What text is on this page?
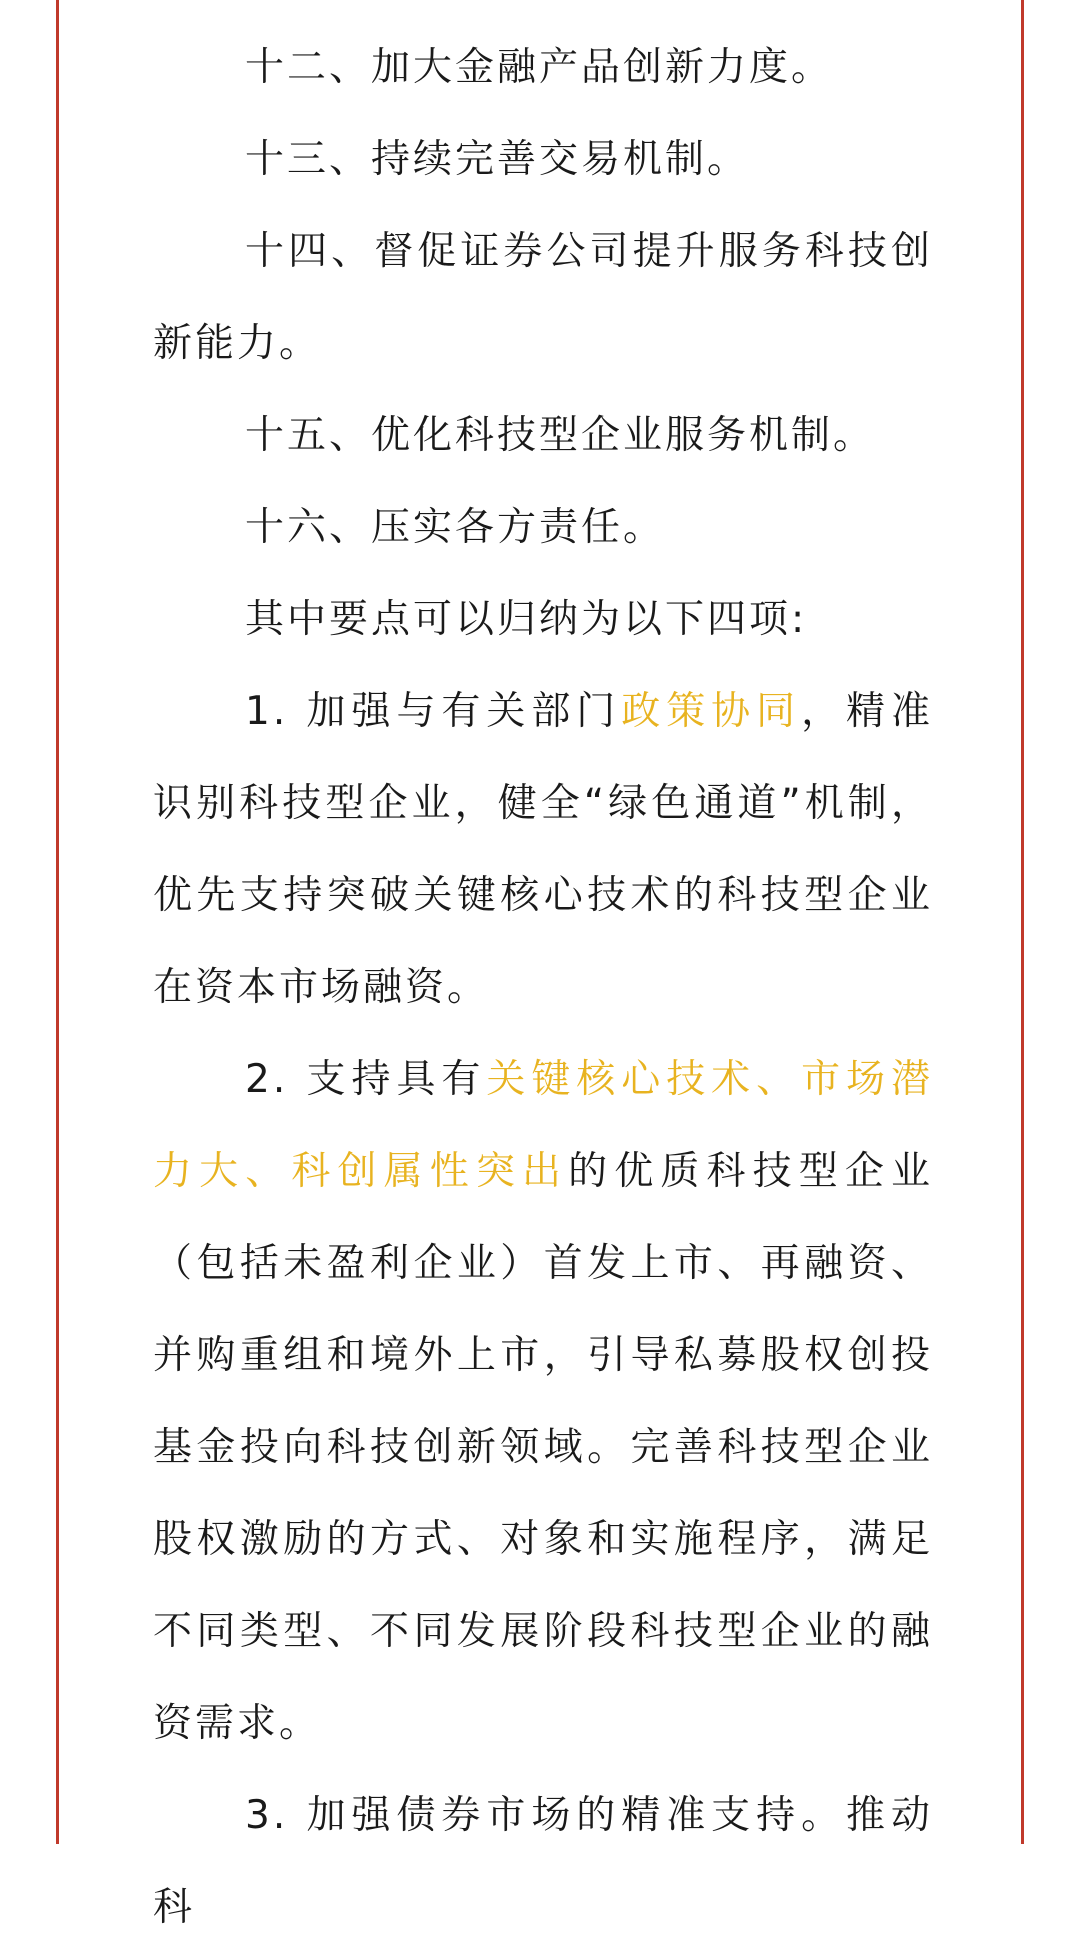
十二、加大金融产品创新力度。

十三、持续完善交易机制。

十四、督促证券公司提升服务科技创新能力。

十五、优化科技型企业服务机制。

十六、压实各方责任。

其中要点可以归纳为以下四项:

1. 加强与有关部门政策协同，精准识别科技型企业，健全“绿色通道”机制，优先支持突破关键核心技术的科技型企业在资本市场融资。

2. 支持具有关键核心技术、市场潜力大、科创属性突出的优质科技型企业（包括未盈利企业）首发上市、再融资、并购重组和境外上市，引导私募股权创投基金投向科技创新领域。完善科技型企业股权激励的方式、对象和实施程序，满足不同类型、不同发展阶段科技型企业的融资需求。

3. 加强债券市场的精准支持。推动科
